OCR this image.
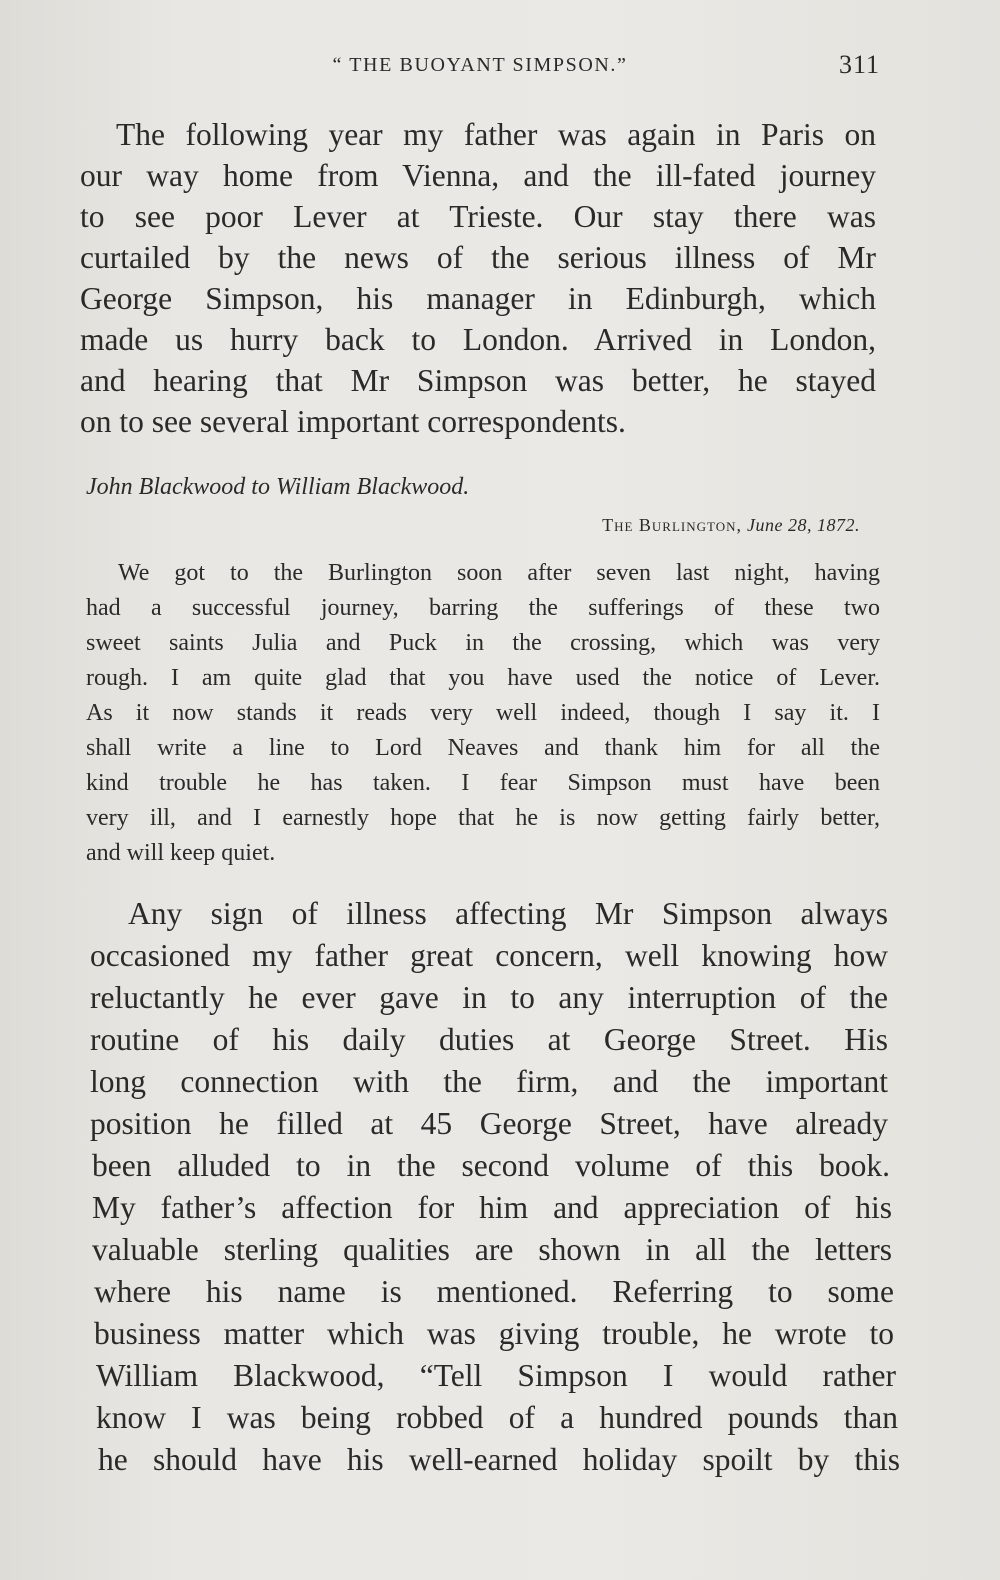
“ THE BUOYANT SIMPSON.”	311
The following year my father was again in Paris on
our way home from Vienna, and the ill-fated journey
to see poor Lever at Trieste. Our stay there was
curtailed by the news of the serious illness of Mr
George Simpson, his manager in Edinburgh, which
made us hurry back to London. Arrived in London,
and hearing that Mr Simpson was better, he stayed
on to see several important correspondents.
John Blackwood to William Blackwood.
The Burlington, June 28, 1872.
We got to the Burlington soon after seven last night, having
had a successful journey, barring the sufferings of these two
sweet saints Julia and Puck in the crossing, which was very
rough. I am quite glad that you have used the notice of Lever.
As it now stands it reads very well indeed, though I say it. I
shall write a line to Lord Neaves and thank him for all the
kind trouble he has taken. I fear Simpson must have been
very ill, and I earnestly hope that he is now getting fairly better,
and will keep quiet.
Any sign of illness affecting Mr Simpson always
occasioned my father great concern, well knowing how
reluctantly he ever gave in to any interruption of the
routine of his daily duties at George Street. His
long connection with the firm, and the important
position he filled at 45 George Street, have already
been alluded to in the second volume of this book.
My father’s affection for him and appreciation of his
valuable sterling qualities are shown in all the letters
where his name is mentioned. Referring to some
business matter which was giving trouble, he wrote to
William Blackwood, “Tell Simpson I would rather
know I was being robbed of a hundred pounds than
he should have his well-earned holiday spoilt by this
